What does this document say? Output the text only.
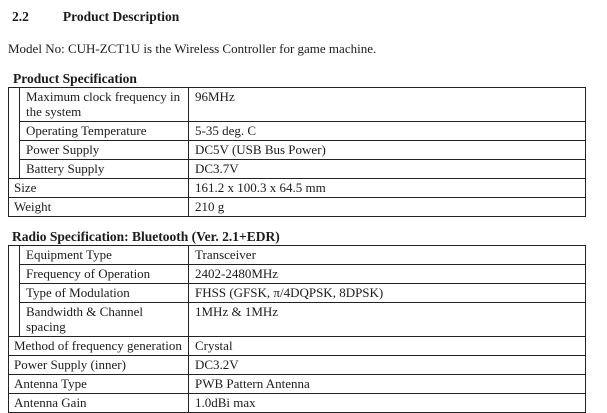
2.2	Product Description

Model No: CUH-ZCT1U is the Wireless Controller for game machine.

Product Specification
	Maximum clock frequency in the system	96MHz
	Operating Temperature	5-35 deg. C
	Power Supply	DC5V (USB Bus Power)
	Battery Supply	DC3.7V
Size		161.2 x 100.3 x 64.5 mm
Weight		210 g
Radio Specification: Bluetooth (Ver. 2.1+EDR)
	Equipment Type	Transceiver
	Frequency of Operation	2402-2480MHz
	Type of Modulation	FHSS (GFSK, π/4DQPSK, 8DPSK)
	Bandwidth & Channel spacing	1MHz & 1MHz
Method of frequency generation		Crystal
Power Supply (inner)		DC3.2V
Antenna Type		PWB Pattern Antenna
Antenna Gain		1.0dBi max
